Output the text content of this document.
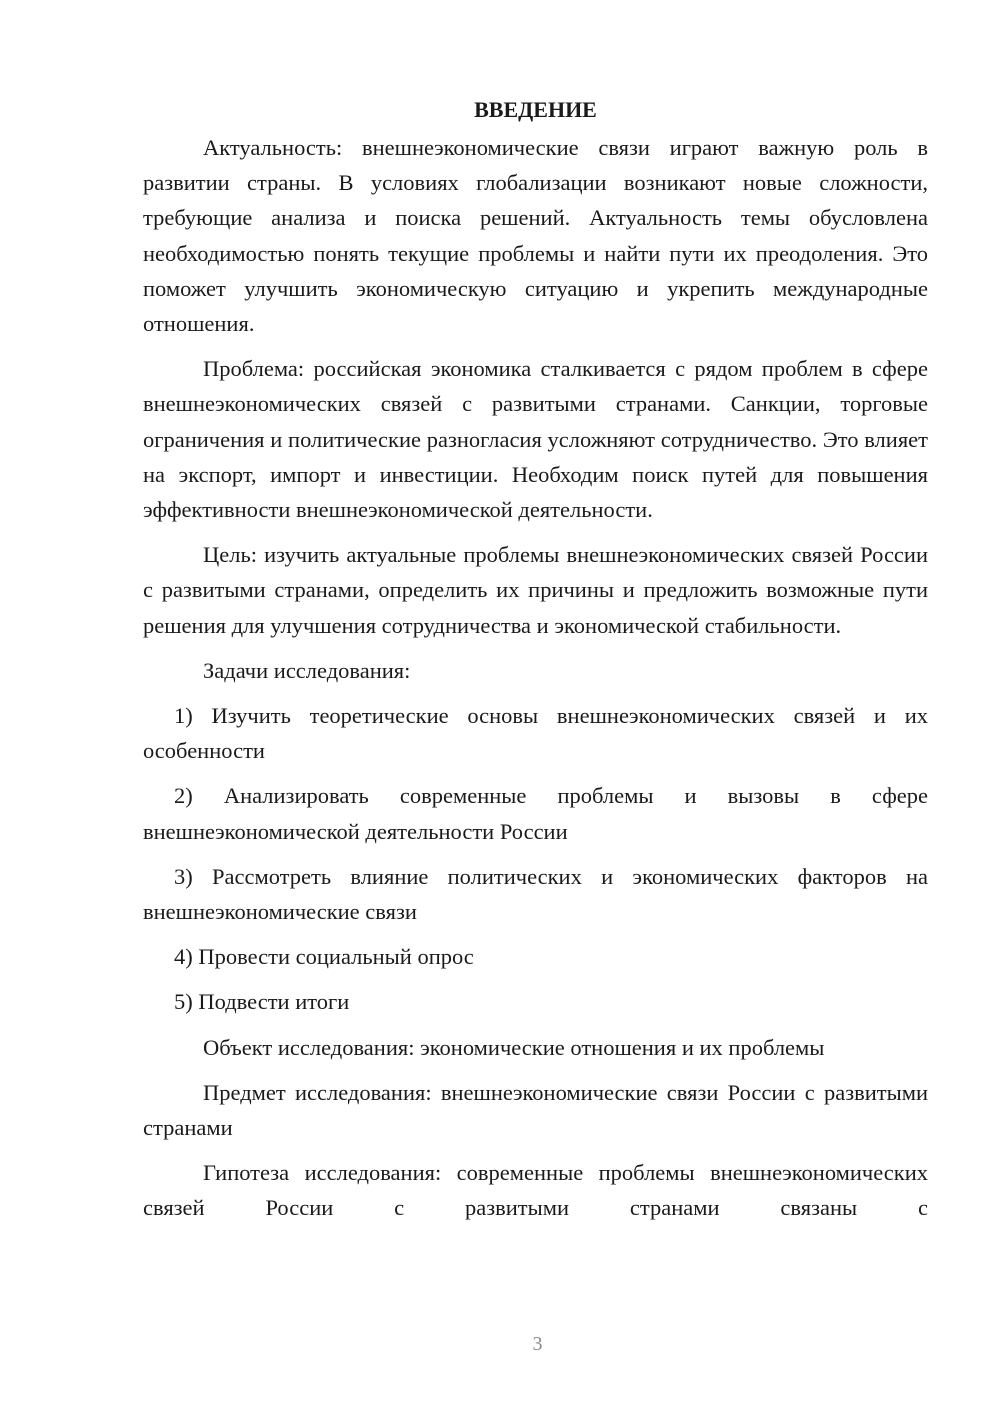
ВВЕДЕНИЕ

Актуальность: внешнеэкономические связи играют важную роль в развитии страны. В условиях глобализации возникают новые сложности, требующие анализа и поиска решений. Актуальность темы обусловлена необходимостью понять текущие проблемы и найти пути их преодоления. Это поможет улучшить экономическую ситуацию и укрепить международные отношения.

Проблема: российская экономика сталкивается с рядом проблем в сфере внешнеэкономических связей с развитыми странами. Санкции, торговые ограничения и политические разногласия усложняют сотрудничество. Это влияет на экспорт, импорт и инвестиции. Необходим поиск путей для повышения эффективности внешнеэкономической деятельности.

Цель: изучить актуальные проблемы внешнеэкономических связей России с развитыми странами, определить их причины и предложить возможные пути решения для улучшения сотрудничества и экономической стабильности.

Задачи исследования:

1) Изучить теоретические основы внешнеэкономических связей и их особенности

2) Анализировать современные проблемы и вызовы в сфере внешнеэкономической деятельности России

3) Рассмотреть влияние политических и экономических факторов на внешнеэкономические связи

4) Провести социальный опрос

5) Подвести итоги

Объект исследования: экономические отношения и их проблемы

Предмет исследования: внешнеэкономические связи России с развитыми странами

Гипотеза исследования: современные проблемы внешнеэкономических связей России с развитыми странами связаны с

3
